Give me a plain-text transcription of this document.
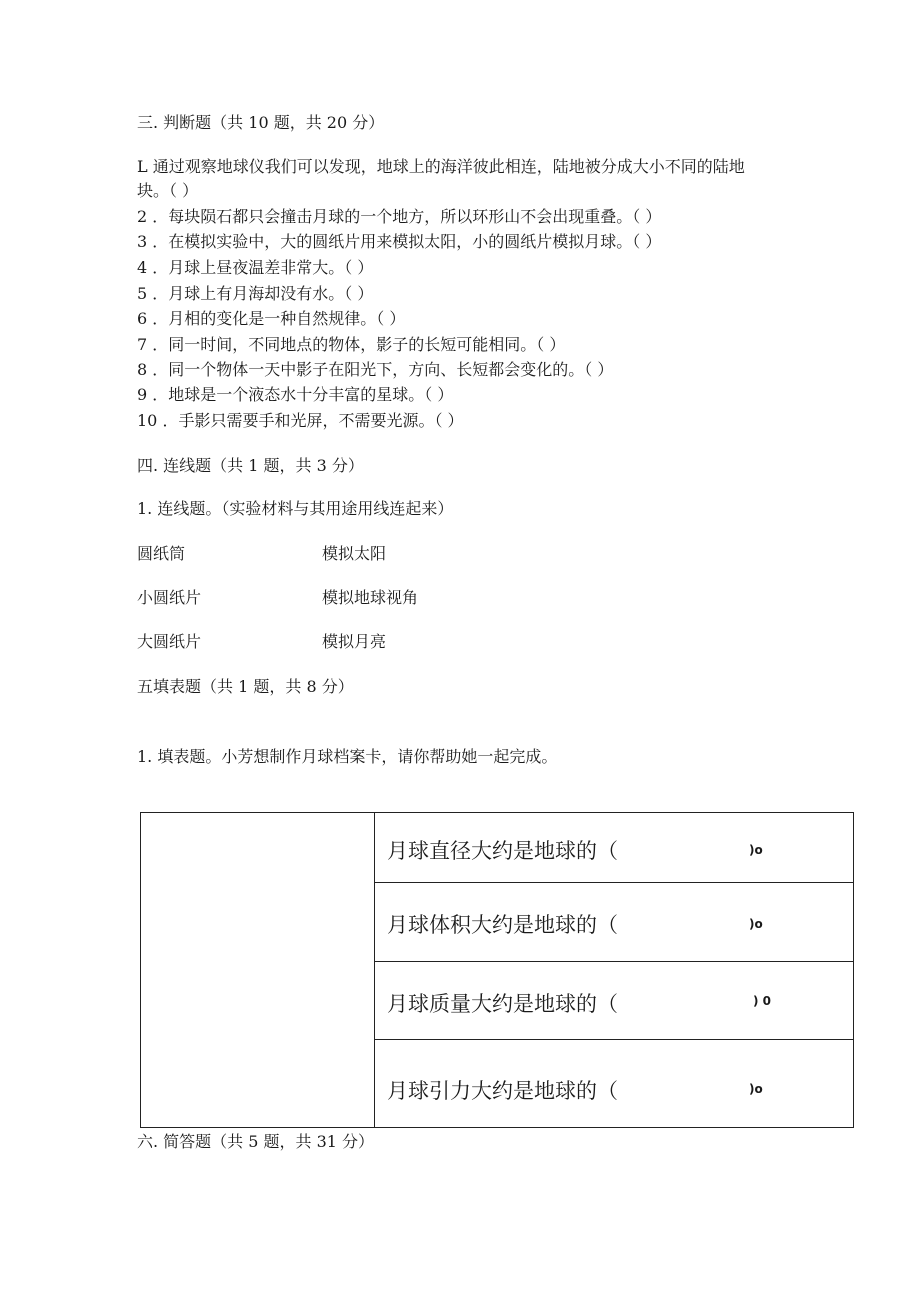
三. 判断题（共 10 题，共 20 分）
L 通过观察地球仪我们可以发现，地球上的海洋彼此相连，陆地被分成大小不同的陆地
块。（ ）
2 ．每块陨石都只会撞击月球的一个地方，所以环形山不会出现重叠。（ ）
3 ．在模拟实验中，大的圆纸片用来模拟太阳，小的圆纸片模拟月球。（ ）
4 ．月球上昼夜温差非常大。（ ）
5 ．月球上有月海却没有水。（ ）
6 ．月相的变化是一种自然规律。（ ）
7 ．同一时间，不同地点的物体，影子的长短可能相同。（ ）
8 ．同一个物体一天中影子在阳光下，方向、长短都会变化的。（ ）
9 ．地球是一个液态水十分丰富的星球。（ ）
10 ．手影只需要手和光屏，不需要光源。（ ）
四. 连线题（共 1 题，共 3 分）
1. 连线题。（实验材料与其用途用线连起来）
圆纸筒	模拟太阳
小圆纸片	模拟地球视角
大圆纸片	模拟月亮
五填表题（共 1 题，共 8 分）
1. 填表题。小芳想制作月球档案卡，请你帮助她一起完成。
月球直径大约是地球的（	)o
月球体积大约是地球的（	)o
月球质量大约是地球的（	) 0
月球引力大约是地球的（	)o
六. 简答题（共 5 题，共 31 分）
